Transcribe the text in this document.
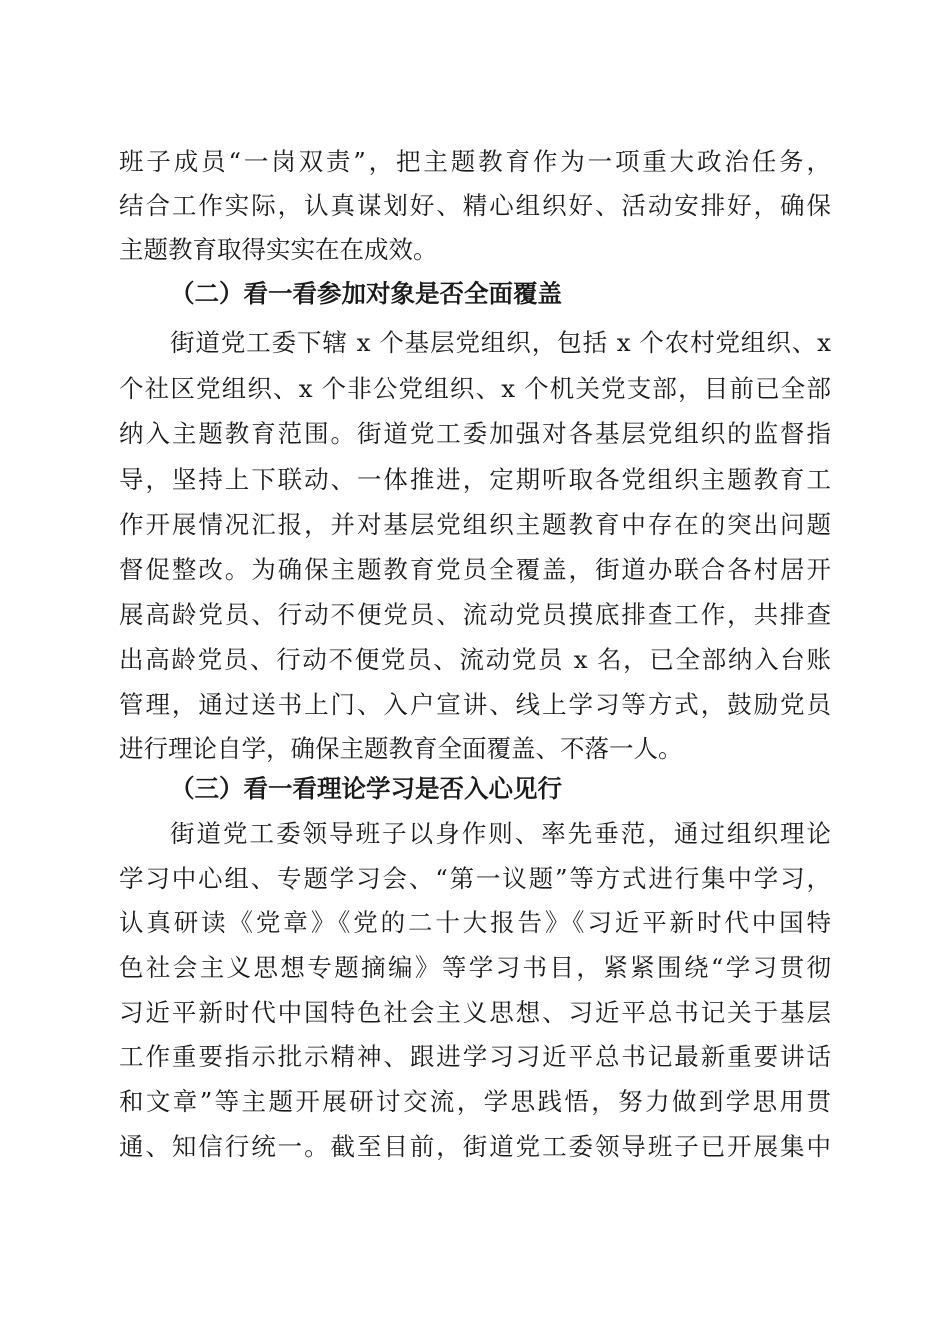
班子成员“一岗双责”，把主题教育作为一项重大政治任务，
结合工作实际，认真谋划好、精心组织好、活动安排好，确保
主题教育取得实实在在成效。
（二）看一看参加对象是否全面覆盖
街道党工委下辖 x 个基层党组织，包括 x 个农村党组织、x
个社区党组织、x 个非公党组织、x 个机关党支部，目前已全部
纳入主题教育范围。街道党工委加强对各基层党组织的监督指
导，坚持上下联动、一体推进，定期听取各党组织主题教育工
作开展情况汇报，并对基层党组织主题教育中存在的突出问题
督促整改。为确保主题教育党员全覆盖，街道办联合各村居开
展高龄党员、行动不便党员、流动党员摸底排查工作，共排查
出高龄党员、行动不便党员、流动党员 x 名，已全部纳入台账
管理，通过送书上门、入户宣讲、线上学习等方式，鼓励党员
进行理论自学，确保主题教育全面覆盖、不落一人。
（三）看一看理论学习是否入心见行
街道党工委领导班子以身作则、率先垂范，通过组织理论
学习中心组、专题学习会、“第一议题”等方式进行集中学习，
认真研读《党章》《党的二十大报告》《习近平新时代中国特
色社会主义思想专题摘编》等学习书目，紧紧围绕“学习贯彻
习近平新时代中国特色社会主义思想、习近平总书记关于基层
工作重要指示批示精神、跟进学习习近平总书记最新重要讲话
和文章”等主题开展研讨交流，学思践悟，努力做到学思用贯
通、知信行统一。截至目前，街道党工委领导班子已开展集中
